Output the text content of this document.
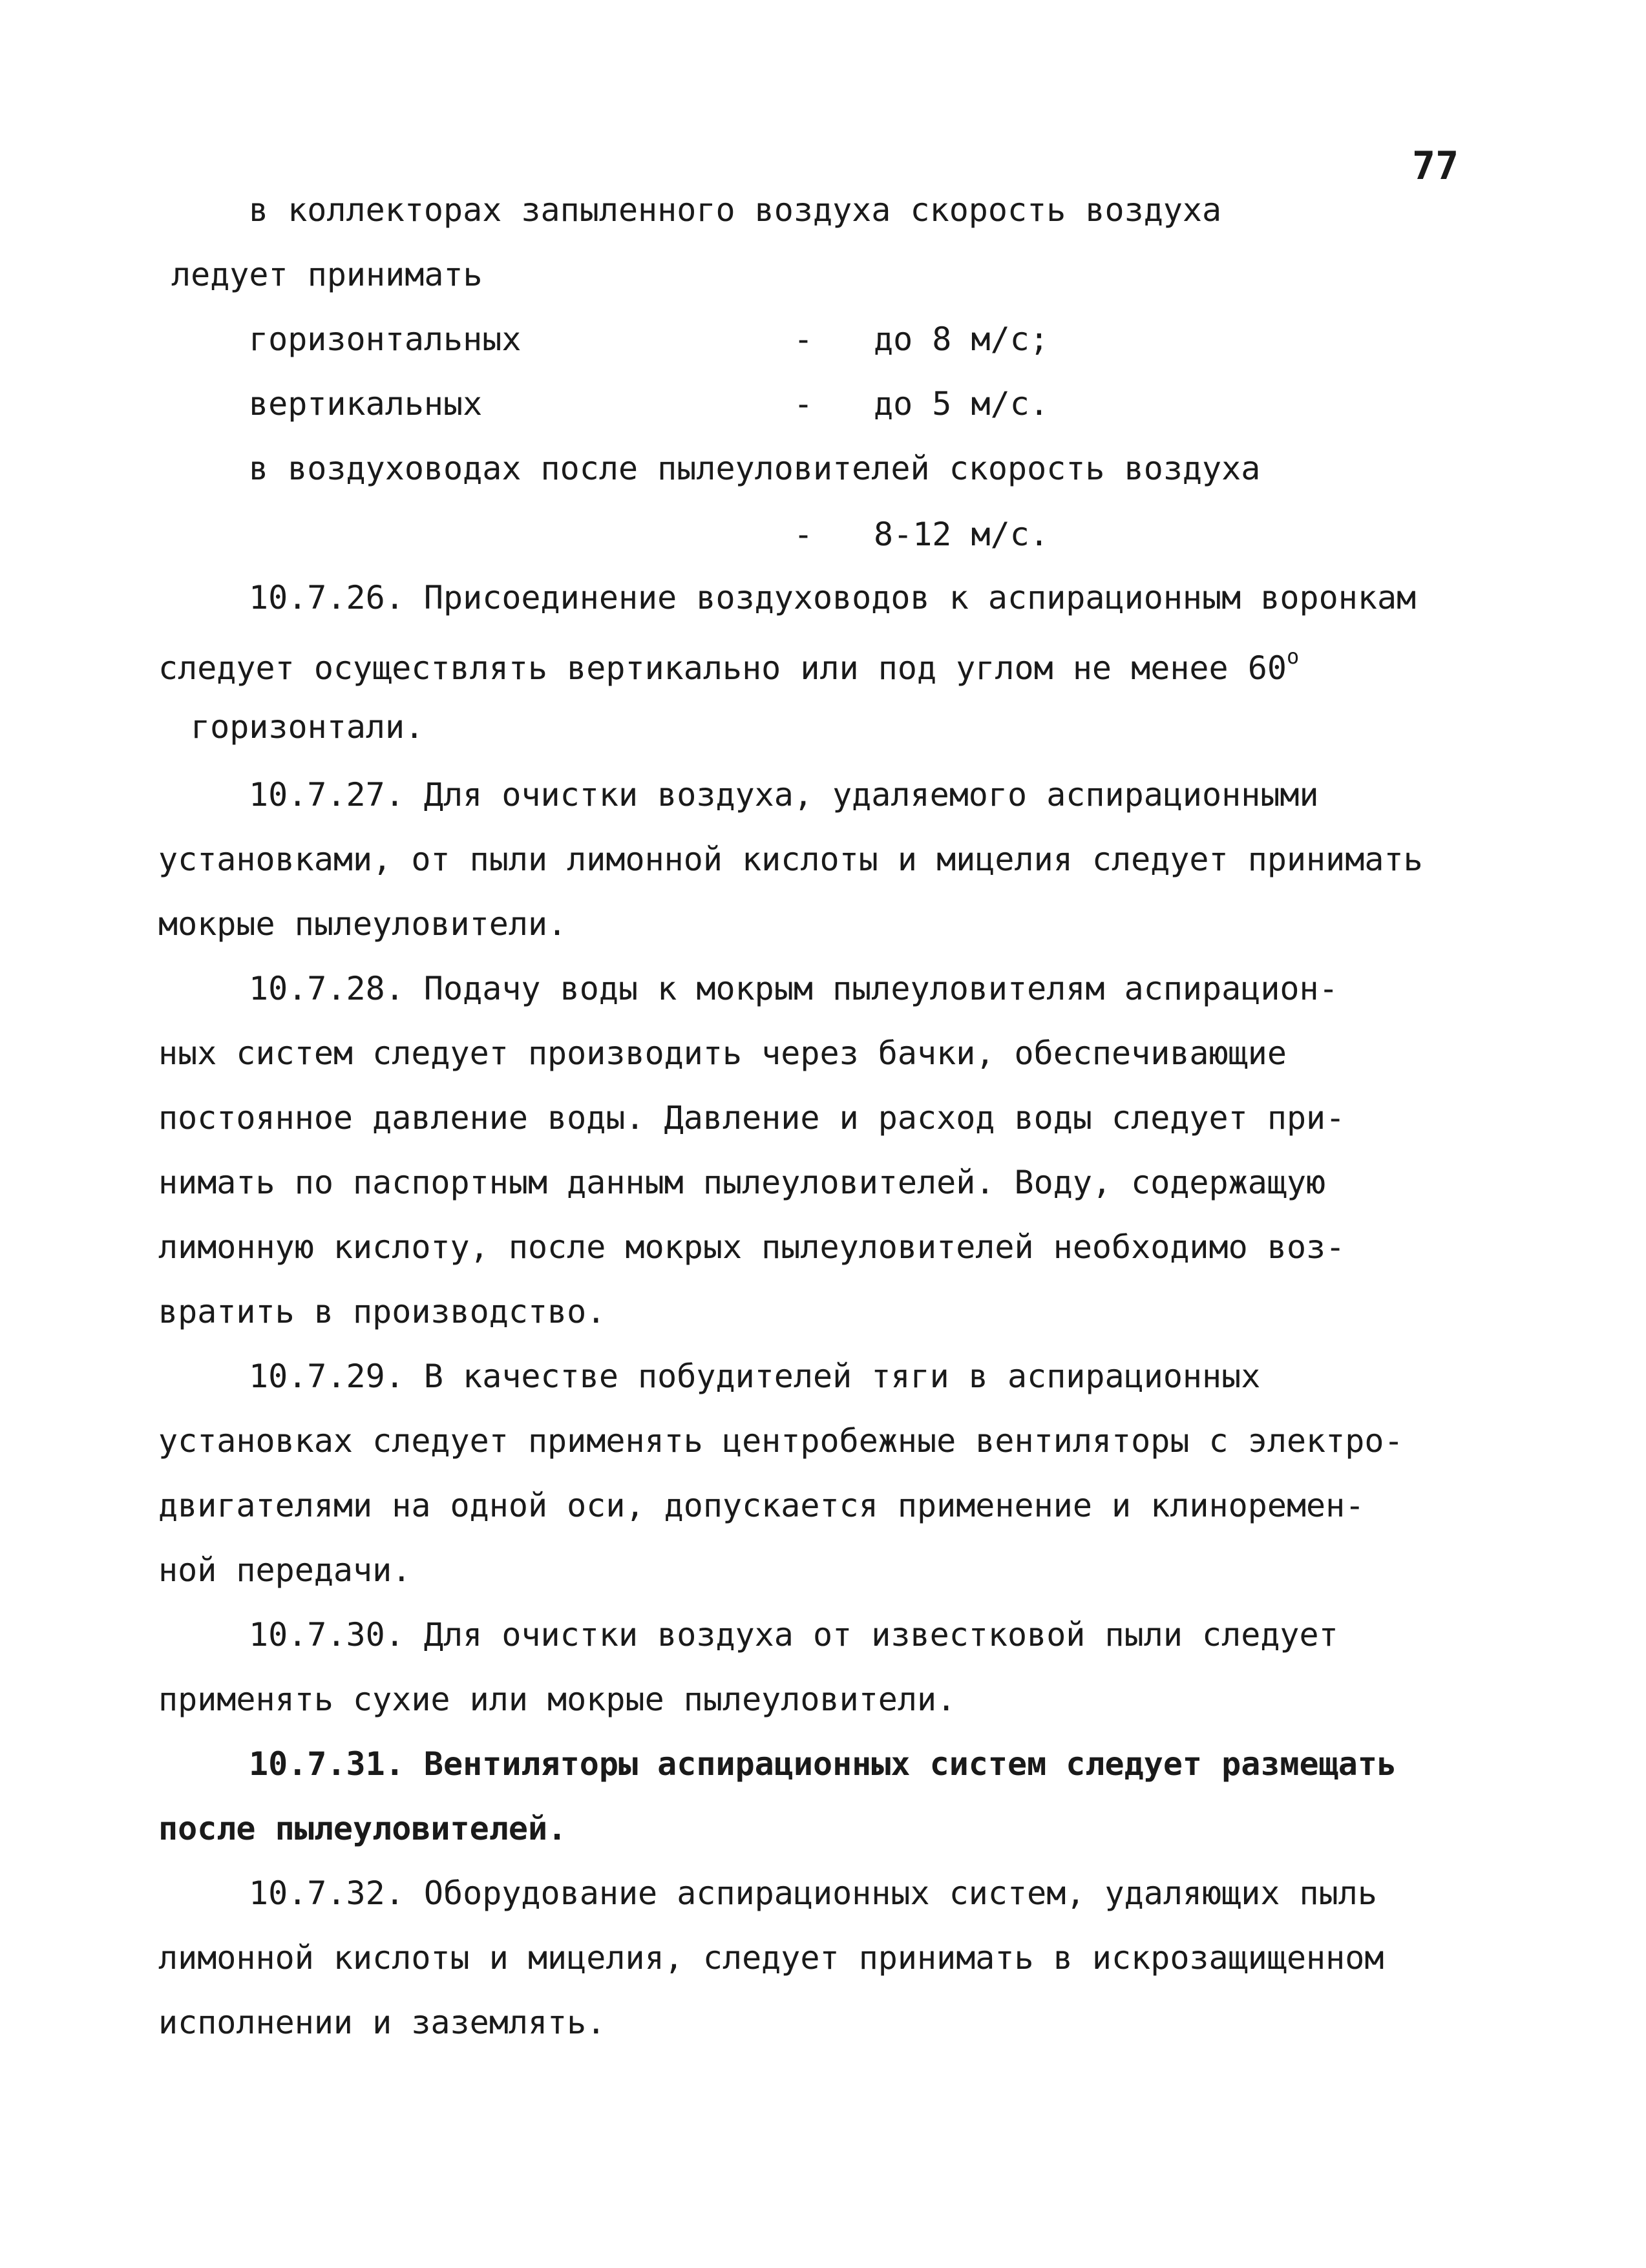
77
в коллекторах запыленного воздуха скорость воздуха
ледует принимать
горизонтальных	- до 8 м/с;
вертикальных	- до 5 м/с.
в воздуховодах после пылеуловителей скорость воздуха
- 8-12 м/с.
10.7.26. Присоединение воздуховодов к аспирационным воронкам
следует осуществлять вертикально или под углом не менее $60^о$
горизонтали.
10.7.27. Для очистки воздуха, удаляемого аспирационными
установками, от пыли лимонной кислоты и мицелия следует принимать
мокрые пылеуловители.
10.7.28. Подачу воды к мокрым пылеуловителям аспирацион-
ных систем следует производить через бачки, обеспечивающие
постоянное давление воды. Давление и расход воды следует при-
нимать по паспортным данным пылеуловителей. Воду, содержащую
лимонную кислоту, после мокрых пылеуловителей необходимо воз-
вратить в производство.
10.7.29. В качестве побудителей тяги в аспирационных
установках следует применять центробежные вентиляторы с электро-
двигателями на одной оси, допускается применение и клиноремен-
ной передачи.
10.7.30. Для очистки воздуха от известковой пыли следует
применять сухие или мокрые пылеуловители.
10.7.31. Вентиляторы аспирационных систем следует размещать
после пылеуловителей.
10.7.32. Оборудование аспирационных систем, удаляющих пыль
лимонной кислоты и мицелия, следует принимать в искрозащищенном
исполнении и заземлять.
